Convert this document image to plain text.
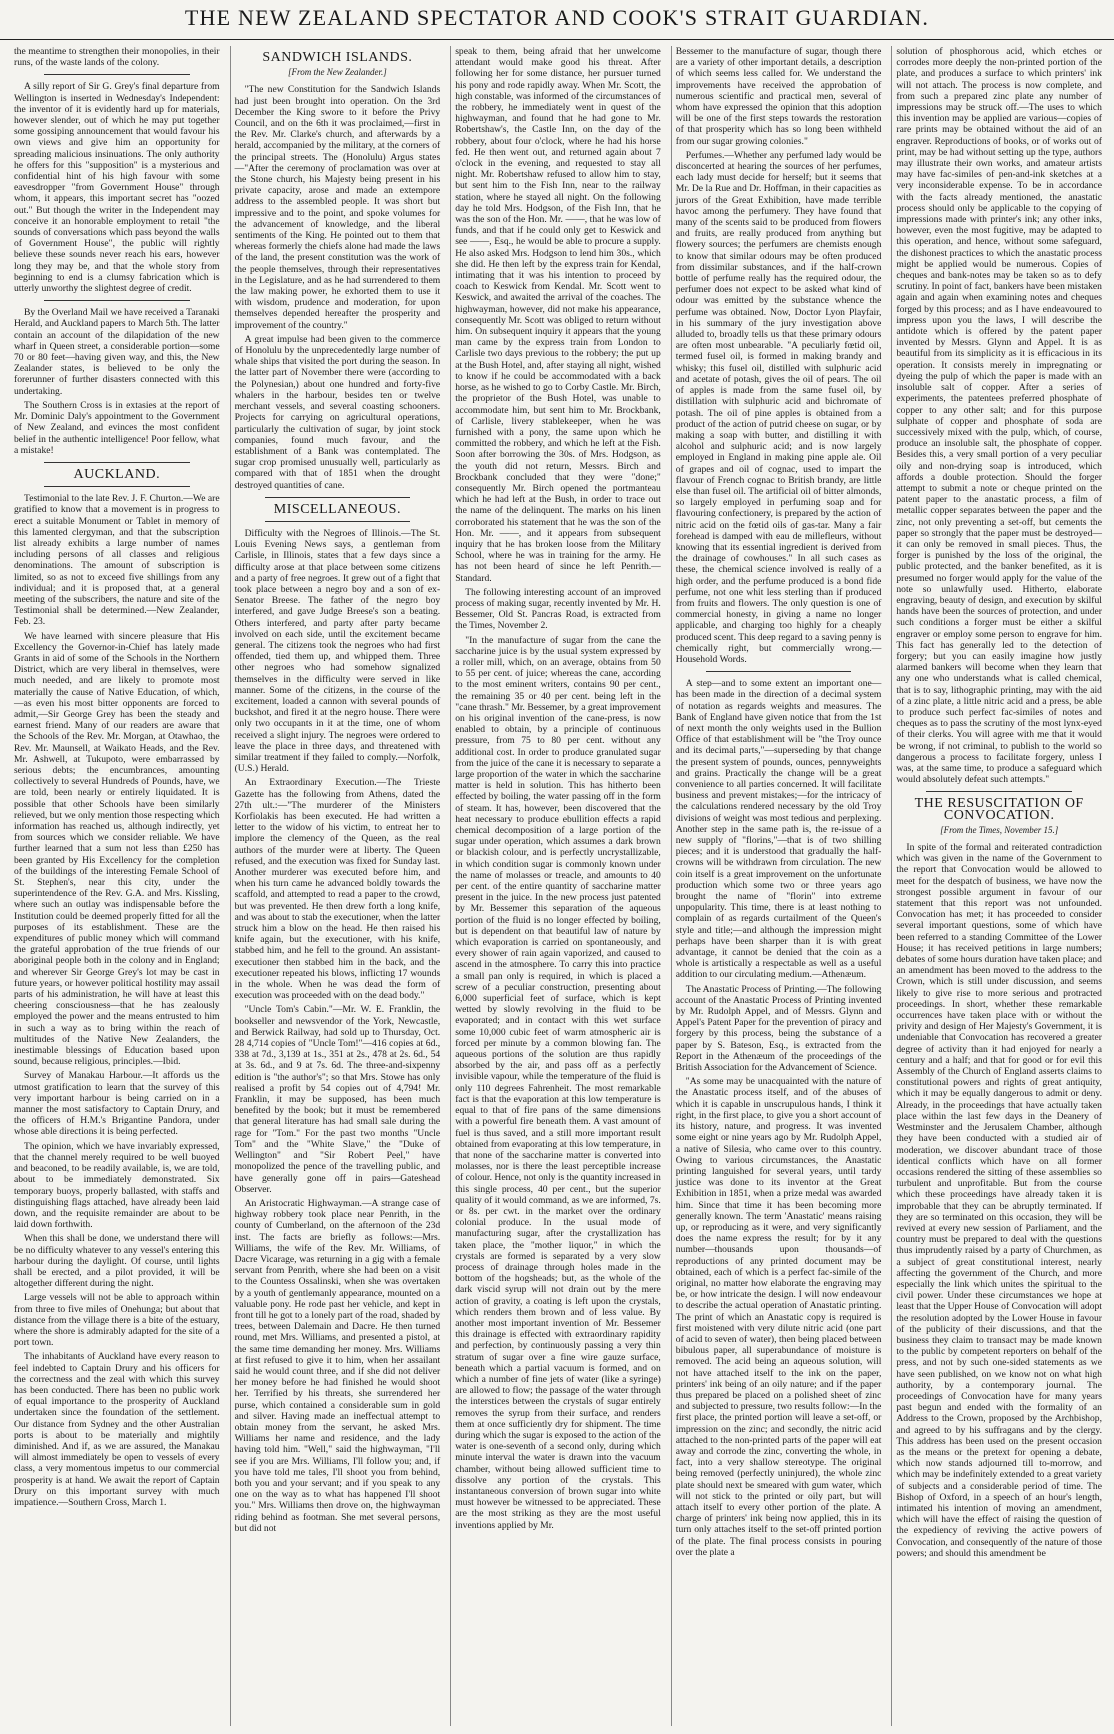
THE NEW ZEALAND SPECTATOR AND COOK'S STRAIT GUARDIAN.

the meantime to strengthen their monopolies, in their runs, of the waste lands of the colony.

A silly report of Sir G. Grey's final departure from Wellington is inserted in Wednesday's Independent: the inventor of it is evidently hard up for materials, however slender, out of which he may put together some gossiping announcement that would favour his own views and give him an opportunity for spreading malicious insinuations. The only authority he offers for this "supposition" is a mysterious and confidential hint of his high favour with some eavesdropper "from Government House" through whom, it appears, this important secret has "oozed out." But though the writer in the Independent may conceive it an honorable employment to retail "the sounds of conversations which pass beyond the walls of Government House", the public will rightly believe these sounds never reach his ears, however long they may be, and that the whole story from beginning to end is a clumsy fabrication which is utterly unworthy the slightest degree of credit.

By the Overland Mail we have received a Taranaki Herald, and Auckland papers to March 5th. The latter contain an account of the dilapidation of the new wharf in Queen street, a considerable portion—some 70 or 80 feet—having given way, and this, the New Zealander states, is believed to be only the forerunner of further disasters connected with this undertaking.

The Southern Cross is in extasies at the report of Mr. Dominic Daly's appointment to the Government of New Zealand, and evinces the most confident belief in the authentic intelligence! Poor fellow, what a mistake!

AUCKLAND.

Testimonial to the late Rev. J. F. Churton.—We are gratified to know that a movement is in progress to erect a suitable Monument or Tablet in memory of this lamented clergyman, and that the subscription list already exhibits a large number of names including persons of all classes and religious denominations. The amount of subscription is limited, so as not to exceed five shillings from any individual; and it is proposed that, at a general meeting of the subscribers, the nature and site of the Testimonial shall be determined.—New Zealander, Feb. 23.

We have learned with sincere pleasure that His Excellency the Governor-in-Chief has lately made Grants in aid of some of the Schools in the Northern District, which are very liberal in themselves, were much needed, and are likely to promote most materially the cause of Native Education, of which,—as even his most bitter opponents are forced to admit,—Sir George Grey has been the steady and earnest friend. Many of our readers are aware that the Schools of the Rev. Mr. Morgan, at Otawhao, the Rev. Mr. Maunsell, at Waikato Heads, and the Rev. Mr. Ashwell, at Tukupoto, were embarrassed by serious debts; the encumbrances, amounting collectively to several Hundreds of Pounds, have, we are told, been nearly or entirely liquidated. It is possible that other Schools have been similarly relieved, but we only mention those respecting which information has reached us, although indirectly, yet from sources which we consider reliable. We have further learned that a sum not less than £250 has been granted by His Excellency for the completion of the buildings of the interesting Female School of St. Stephen's, near this city, under the superintendence of the Rev. G.A. and Mrs. Kissling, where such an outlay was indispensable before the Institution could be deemed properly fitted for all the purposes of its establishment. These are the expenditures of public money which will command the grateful approbation of the true friends of our aboriginal people both in the colony and in England; and wherever Sir George Grey's lot may be cast in future years, or however political hostility may assail parts of his administration, he will have at least this cheering consciousness—that he has zealously employed the power and the means entrusted to him in such a way as to bring within the reach of multitudes of the Native New Zealanders, the inestimable blessings of Education based upon sound, because religious, principles.—Ibid.

Survey of Manakau Harbour.—It affords us the utmost gratification to learn that the survey of this very important harbour is being carried on in a manner the most satisfactory to Captain Drury, and the officers of H.M.'s Brigantine Pandora, under whose able directions it is being perfected.

The opinion, which we have invariably expressed, that the channel merely required to be well buoyed and beaconed, to be readily available, is, we are told, about to be immediately demonstrated. Six temporary buoys, properly ballasted, with staffs and distinguishing flags attached, have already been laid down, and the requisite remainder are about to be laid down forthwith.

When this shall be done, we understand there will be no difficulty whatever to any vessel's entering this harbour during the daylight. Of course, until lights shall be erected, and a pilot provided, it will be altogether different during the night.

Large vessels will not be able to approach within from three to five miles of Onehunga; but about that distance from the village there is a bite of the estuary, where the shore is admirably adapted for the site of a port town.

The inhabitants of Auckland have every reason to feel indebted to Captain Drury and his officers for the correctness and the zeal with which this survey has been conducted. There has been no public work of equal importance to the prosperity of Auckland undertaken since the foundation of the settlement. Our distance from Sydney and the other Australian ports is about to be materially and mightily diminished. And if, as we are assured, the Manakau will almost immediately be open to vessels of every class, a very momentous impetus to our commercial prosperity is at hand. We await the report of Captain Drury on this important survey with much impatience.—Southern Cross, March 1.

SANDWICH ISLANDS.
[From the New Zealander.]

"The new Constitution for the Sandwich Islands had just been brought into operation. On the 3rd December the King swore to it before the Privy Council, and on the 6th it was proclaimed,—first in the Rev. Mr. Clarke's church, and afterwards by a herald, accompanied by the military, at the corners of the principal streets. The (Honolulu) Argus states—"After the ceremony of proclamation was over at the Stone church, his Majesty being present in his private capacity, arose and made an extempore address to the assembled people. It was short but impressive and to the point, and spoke volumes for the advancement of knowledge, and the liberal sentiments of the King. He pointed out to them that whereas formerly the chiefs alone had made the laws of the land, the present constitution was the work of the people themselves, through their representatives in the Legislature, and as he had surrendered to them the law making power, he exhorted them to use it with wisdom, prudence and moderation, for upon themselves depended hereafter the prosperity and improvement of the country."

A great impulse had been given to the commerce of Honolulu by the unprecedentedly large number of whale ships that visited the port during the season. In the latter part of November there were (according to the Polynesian,) about one hundred and forty-five whalers in the harbour, besides ten or twelve merchant vessels, and several coasting schooners. Projects for carrying on agricultural operations, particularly the cultivation of sugar, by joint stock companies, found much favour, and the establishment of a Bank was contemplated. The sugar crop promised unusually well, particularly as compared with that of 1851 when the drought destroyed quantities of cane.

MISCELLANEOUS.

Difficulty with the Negroes of Illinois.—The St. Louis Evening News says, a gentleman from Carlisle, in Illinois, states that a few days since a difficulty arose at that place between some citizens and a party of free negroes. It grew out of a fight that took place between a negro boy and a son of ex-Senator Breese. The father of the negro boy interfered, and gave Judge Breese's son a beating. Others interfered, and party after party became involved on each side, until the excitement became general. The citizens took the negroes who had first offended, tied them up, and whipped them. Three other negroes who had somehow signalized themselves in the difficulty were served in like manner. Some of the citizens, in the course of the excitement, loaded a cannon with several pounds of buckshot, and fired it at the negro house. There were only two occupants in it at the time, one of whom received a slight injury. The negroes were ordered to leave the place in three days, and threatened with similar treatment if they failed to comply.—Norfolk, (U.S.) Herald.

An Extraordinary Execution.—The Trieste Gazette has the following from Athens, dated the 27th ult.:—"The murderer of the Ministers Korfiolakis has been executed. He had written a letter to the widow of his victim, to entreat her to implore the clemency of the Queen, as the real authors of the murder were at liberty. The Queen refused, and the execution was fixed for Sunday last. Another murderer was executed before him, and when his turn came he advanced boldly towards the scaffold, and attempted to read a paper to the crowd, but was prevented. He then drew forth a long knife, and was about to stab the executioner, when the latter struck him a blow on the head. He then raised his knife again, but the executioner, with his knife, stabbed him, and he fell to the ground. An assistant-executioner then stabbed him in the back, and the executioner repeated his blows, inflicting 17 wounds in the whole. When he was dead the form of execution was proceeded with on the dead body."

"Uncle Tom's Cabin."—Mr. W. E. Franklin, the bookseller and newsvendor of the York, Newcastle, and Berwick Railway, had sold up to Thursday, Oct. 28 4,714 copies of "Uncle Tom!"—416 copies at 6d., 338 at 7d., 3,139 at 1s., 351 at 2s., 478 at 2s. 6d., 54 at 3s. 6d., and 9 at 7s. 6d. The three-and-sixpenny edition is "the author's"; so that Mrs. Stowe has only realised a profit by 54 copies out of 4,794! Mr. Franklin, it may be supposed, has been much benefited by the book; but it must be remembered that general literature has had small sale during the rage for "Tom." For the past two months "Uncle Tom" and the "White Slave," the "Duke of Wellington" and "Sir Robert Peel," have monopolized the pence of the travelling public, and have generally gone off in pairs—Gateshead Observer.

An Aristocratic Highwayman.—A strange case of highway robbery took place near Penrith, in the county of Cumberland, on the afternoon of the 23d inst. The facts are briefly as follows:—Mrs. Williams, the wife of the Rev. Mr. Williams, of Dacre Vicarage, was returning in a gig with a female servant from Penrith, where she had been on a visit to the Countess Ossalinski, when she was overtaken by a youth of gentlemanly appearance, mounted on a valuable pony. He rode past her vehicle, and kept in front till he got to a lonely part of the road, shaded by trees, between Dalemain and Dacre. He then turned round, met Mrs. Williams, and presented a pistol, at the same time demanding her money. Mrs. Williams at first refused to give it to him, when her assailant said he would count three, and if she did not deliver her money before he had finished he would shoot her. Terrified by his threats, she surrendered her purse, which contained a considerable sum in gold and silver. Having made an ineffectual attempt to obtain money from the servant, he asked Mrs. Williams her name and residence, and the lady having told him. "Well," said the highwayman, "I'll see if you are Mrs. Williams, I'll follow you; and, if you have told me tales, I'll shoot you from behind, both you and your servant; and if you speak to any one on the way as to what has happened I'll shoot you." Mrs. Williams then drove on, the highwayman riding behind as footman. She met several persons, but did not

speak to them, being afraid that her unwelcome attendant would make good his threat. After following her for some distance, her pursuer turned his pony and rode rapidly away. When Mr. Scott, the high constable, was informed of the circumstances of the robbery, he immediately went in quest of the highwayman, and found that he had gone to Mr. Robertshaw's, the Castle Inn, on the day of the robbery, about four o'clock, where he had his horse fed. He then went out, and returned again about 7 o'clock in the evening, and requested to stay all night. Mr. Robertshaw refused to allow him to stay, but sent him to the Fish Inn, near to the railway station, where he stayed all night. On the following day he told Mrs. Hodgson, of the Fish Inn, that he was the son of the Hon. Mr. ——, that he was low of funds, and that if he could only get to Keswick and see ——, Esq., he would be able to procure a supply. He also asked Mrs. Hodgson to lend him 30s., which she did. He then left by the express train for Kendal, intimating that it was his intention to proceed by coach to Keswick from Kendal. Mr. Scott went to Keswick, and awaited the arrival of the coaches. The highwayman, however, did not make his appearance, consequently Mr. Scott was obliged to return without him. On subsequent inquiry it appears that the young man came by the express train from London to Carlisle two days previous to the robbery; the put up at the Bush Hotel, and, after staying all night, wished to know if he could be accommodated with a back horse, as he wished to go to Corby Castle. Mr. Birch, the proprietor of the Bush Hotel, was unable to accommodate him, but sent him to Mr. Brockbank, of Carlisle, livery stablekeeper, when he was furnished with a pony, the same upon which he committed the robbery, and which he left at the Fish. Soon after borrowing the 30s. of Mrs. Hodgson, as the youth did not return, Messrs. Birch and Brockbank concluded that they were "done;" consequently Mr. Birch opened the portmanteau which he had left at the Bush, in order to trace out the name of the delinquent. The marks on his linen corroborated his statement that he was the son of the Hon. Mr. ——, and it appears from subsequent inquiry that he has broken loose from the Military School, where he was in training for the army. He has not been heard of since he left Penrith.—Standard.

The following interesting account of an improved process of making sugar, recently invented by Mr. H. Bessemer, Old St. Pancras Road, is extracted from the Times, November 2.

"In the manufacture of sugar from the cane the saccharine juice is by the usual system expressed by a roller mill, which, on an average, obtains from 50 to 55 per cent. of juice; whereas the cane, according to the most eminent writers, contains 90 per cent., the remaining 35 or 40 per cent. being left in the "cane thrash." Mr. Bessemer, by a great improvement on his original invention of the cane-press, is now enabled to obtain, by a principle of continuous pressure, from 75 to 80 per cent. without any additional cost. In order to produce granulated sugar from the juice of the cane it is necessary to separate a large proportion of the water in which the saccharine matter is held in solution. This has hitherto been effected by boiling, the water passing off in the form of steam. It has, however, been discovered that the heat necessary to produce ebullition effects a rapid chemical decomposition of a large portion of the sugar under operation, which assumes a dark brown or blackish colour, and is perfectly uncrystallizable, in which condition sugar is commonly known under the name of molasses or treacle, and amounts to 40 per cent. of the entire quantity of saccharine matter present in the juice. In the new process just patented by Mr. Bessemer this separation of the aqueous portion of the fluid is no longer effected by boiling, but is dependent on that beautiful law of nature by which evaporation is carried on spontaneously, and every shower of rain again vaporized, and caused to ascend in the atmosphere. To carry this into practice a small pan only is required, in which is placed a screw of a peculiar construction, presenting about 6,000 superficial feet of surface, which is kept wetted by slowly revolving in the fluid to be evaporated; and in contact with this wet surface some 10,000 cubic feet of warm atmospheric air is forced per minute by a common blowing fan. The aqueous portions of the solution are thus rapidly absorbed by the air, and pass off as a perfectly invisible vapour, while the temperature of the fluid is only 110 degrees Fahrenheit. The most remarkable fact is that the evaporation at this low temperature is equal to that of fire pans of the same dimensions with a powerful fire beneath them. A vast amount of fuel is thus saved, and a still more important result obtained from evaporating at this low temperature, in that none of the saccharine matter is converted into molasses, nor is there the least perceptible increase of colour. Hence, not only is the quantity increased in this single process, 40 per cent., but the superior quality of it would command, as we are informed, 7s. or 8s. per cwt. in the market over the ordinary colonial produce. In the usual mode of manufacturing sugar, after the crystallization has taken place, the "mother liquor," in which the crystals are formed is separated by a very slow process of drainage through holes made in the bottom of the hogsheads; but, as the whole of the dark viscid syrup will not drain out by the mere action of gravity, a coating is left upon the crystals, which renders them brown and of less value. By another most important invention of Mr. Bessemer this drainage is effected with extraordinary rapidity and perfection, by continuously passing a very thin stratum of sugar over a fine wire gauze surface, beneath which a partial vacuum is formed, and on which a number of fine jets of water (like a syringe) are allowed to flow; the passage of the water through the interstices between the crystals of sugar entirely removes the syrup from their surface, and renders them at once sufficiently dry for shipment. The time during which the sugar is exposed to the action of the water is one-seventh of a second only, during which minute interval the water is drawn into the vacuum chamber, without being allowed sufficient time to dissolve any portion of the crystals. This instantaneous conversion of brown sugar into white must however be witnessed to be appreciated. These are the most striking as they are the most useful inventions applied by Mr.

Bessemer to the manufacture of sugar, though there are a variety of other important details, a description of which seems less called for. We understand the improvements have received the approbation of numerous scientific and practical men, several of whom have expressed the opinion that this adoption will be one of the first steps towards the restoration of that prosperity which has so long been withheld from our sugar growing colonies."

Perfumes.—Whether any perfumed lady would be disconcerted at hearing the sources of her perfumes, each lady must decide for herself; but it seems that Mr. De la Rue and Dr. Hoffman, in their capacities as jurors of the Great Exhibition, have made terrible havoc among the perfumery. They have found that many of the scents said to be produced from flowers and fruits, are really produced from anything but flowery sources; the perfumers are chemists enough to know that similar odours may be often produced from dissimilar substances, and if the half-crown bottle of perfume really has the required odour, the perfumer does not expect to be asked what kind of odour was emitted by the substance whence the perfume was obtained. Now, Doctor Lyon Playfair, in his summary of the jury investigation above alluded to, broadly tells us that these primary odours are often most unbearable. "A peculiarly fœtid oil, termed fusel oil, is formed in making brandy and whisky; this fusel oil, distilled with sulphuric acid and acetate of potash, gives the oil of pears. The oil of apples is made from the same fusel oil, by distillation with sulphuric acid and bichromate of potash. The oil of pine apples is obtained from a product of the action of putrid cheese on sugar, or by making a soap with butter, and distilling it with alcohol and sulphuric acid; and is now largely employed in England in making pine apple ale. Oil of grapes and oil of cognac, used to impart the flavour of French cognac to British brandy, are little else than fusel oil. The artificial oil of bitter almonds, so largely employed in perfuming soap and for flavouring confectionery, is prepared by the action of nitric acid on the fœtid oils of gas-tar. Many a fair forehead is damped with eau de millefleurs, without knowing that its essential ingredient is derived from the drainage of cowhouses." In all such cases as these, the chemical science involved is really of a high order, and the perfume produced is a bond fide perfume, not one whit less sterling than if produced from fruits and flowers. The only question is one of commercial honesty, in giving a name no longer applicable, and charging too highly for a cheaply produced scent. This deep regard to a saving penny is chemically right, but commercially wrong.—Household Words.

A step—and to some extent an important one—has been made in the direction of a decimal system of notation as regards weights and measures. The Bank of England have given notice that from the 1st of next month the only weights used in the Bullion Office of that establishment will be "the Troy ounce and its decimal parts,"—superseding by that change the present system of pounds, ounces, pennyweights and grains. Practically the change will be a great convenience to all parties concerned. It will facilitate business and prevent mistakes;—for the intricacy of the calculations rendered necessary by the old Troy divisions of weight was most tedious and perplexing. Another step in the same path is, the re-issue of a new supply of "florins,"—that is of two shilling pieces; and it is understood that gradually the half-crowns will be withdrawn from circulation. The new coin itself is a great improvement on the unfortunate production which some two or three years ago brought the name of "florin" into extreme unpopularity. This time, there is at least nothing to complain of as regards curtailment of the Queen's style and title;—and although the impression might perhaps have been sharper than it is with great advantage, it cannot be denied that the coin as a whole is artistically a respectable as well as a useful addition to our circulating medium.—Athenæum.

The Anastatic Process of Printing.—The following account of the Anastatic Process of Printing invented by Mr. Rudolph Appel, and of Messrs. Glynn and Appel's Patent Paper for the prevention of piracy and forgery by this process, being the substance of a paper by S. Bateson, Esq., is extracted from the Report in the Athenæum of the proceedings of the British Association for the Advancement of Science.

"As some may be unacquainted with the nature of the Anastatic process itself, and of the abuses of which it is capable in unscrupulous hands, I think it right, in the first place, to give you a short account of its history, nature, and progress. It was invented some eight or nine years ago by Mr. Rudolph Appel, a native of Silesia, who came over to this country. Owing to various circumstances, the Anastatic printing languished for several years, until tardy justice was done to its inventor at the Great Exhibition in 1851, when a prize medal was awarded him. Since that time it has been becoming more generally known. The term 'Anastatic' means raising up, or reproducing as it were, and very significantly does the name express the result; for by it any number—thousands upon thousands—of reproductions of any printed document may be obtained, each of which is a perfect fac-simile of the original, no matter how elaborate the engraving may be, or how intricate the design. I will now endeavour to describe the actual operation of Anastatic printing. The print of which an Anastatic copy is required is first moistened with very dilute nitric acid (one part of acid to seven of water), then being placed between bibulous paper, all superabundance of moisture is removed. The acid being an aqueous solution, will not have attached itself to the ink on the paper, printers' ink being of an oily nature; and if the paper thus prepared be placed on a polished sheet of zinc and subjected to pressure, two results follow:—In the first place, the printed portion will leave a set-off, or impression on the zinc; and secondly, the nitric acid attached to the non-printed parts of the paper will eat away and corrode the zinc, converting the whole, in fact, into a very shallow stereotype. The original being removed (perfectly uninjured), the whole zinc plate should next be smeared with gum water, which will not stick to the printed or oily part, but will attach itself to every other portion of the plate. A charge of printers' ink being now applied, this in its turn only attaches itself to the set-off printed portion of the plate. The final process consists in pouring over the plate a

solution of phosphorous acid, which etches or corrodes more deeply the non-printed portion of the plate, and produces a surface to which printers' ink will not attach. The process is now complete, and from such a prepared zinc plate any number of impressions may be struck off.—The uses to which this invention may be applied are various—copies of rare prints may be obtained without the aid of an engraver. Reproductions of books, or of works out of print, may be had without setting up the type, authors may illustrate their own works, and amateur artists may have fac-similes of pen-and-ink sketches at a very inconsiderable expense. To be in accordance with the facts already mentioned, the anastatic process should only be applicable to the copying of impressions made with printer's ink; any other inks, however, even the most fugitive, may be adapted to this operation, and hence, without some safeguard, the dishonest practices to which the anastatic process might be applied would be numerous. Copies of cheques and bank-notes may be taken so as to defy scrutiny. In point of fact, bankers have been mistaken again and again when examining notes and cheques forged by this process; and as I have endeavoured to impress upon you the laws, I will describe the antidote which is offered by the patent paper invented by Messrs. Glynn and Appel. It is as beautiful from its simplicity as it is efficacious in its operation. It consists merely in impregnating or dyeing the pulp of which the paper is made with an insoluble salt of copper. After a series of experiments, the patentees preferred phosphate of copper to any other salt; and for this purpose sulphate of copper and phosphate of soda are successively mixed with the pulp, which, of course, produce an insoluble salt, the phosphate of copper. Besides this, a very small portion of a very peculiar oily and non-drying soap is introduced, which affords a double protection. Should the forger attempt to submit a note or cheque printed on the patent paper to the anastatic process, a film of metallic copper separates between the paper and the zinc, not only preventing a set-off, but cements the paper so strongly that the paper must be destroyed—it can only be removed in small pieces. Thus, the forger is punished by the loss of the original, the public protected, and the banker benefited, as it is presumed no forger would apply for the value of the note so unlawfully used. Hitherto, elaborate engraving, beauty of design, and execution by skilful hands have been the sources of protection, and under such conditions a forger must be either a skilful engraver or employ some person to engrave for him. This fact has generally led to the detection of forgery; but you can easily imagine how justly alarmed bankers will become when they learn that any one who understands what is called chemical, that is to say, lithographic printing, may with the aid of a zinc plate, a little nitric acid and a press, be able to produce such perfect fac-similes of notes and cheques as to pass the scrutiny of the most lynx-eyed of their clerks. You will agree with me that it would be wrong, if not criminal, to publish to the world so dangerous a process to facilitate forgery, unless I was, at the same time, to produce a safeguard which would absolutely defeat such attempts."

THE RESUSCITATION OF CONVOCATION.
[From the Times, November 15.]

In spite of the formal and reiterated contradiction which was given in the name of the Government to the report that Convocation would be allowed to meet for the despatch of business, we have now the strongest possible argument in favour of our statement that this report was not unfounded. Convocation has met; it has proceeded to consider several important questions, some of which have been referred to a standing Committee of the Lower House; it has received petitions in large numbers; debates of some hours duration have taken place; and an amendment has been moved to the address to the Crown, which is still under discussion, and seems likely to give rise to more serious and protracted proceedings. In short, whether these remarkable occurrences have taken place with or without the privity and design of Her Majesty's Government, it is undeniable that Convocation has recovered a greater degree of activity than it had enjoyed for nearly a century and a half; and that for good or for evil this Assembly of the Church of England asserts claims to constitutional powers and rights of great antiquity, which it may be equally dangerous to admit or deny. Already, in the proceedings that have actually taken place within the last few days in the Deanery of Westminster and the Jerusalem Chamber, although they have been conducted with a studied air of moderation, we discover abundant trace of those identical conflicts which have on all former occasions rendered the sitting of these assemblies so turbulent and unprofitable. But from the course which these proceedings have already taken it is improbable that they can be abruptly terminated. If they are so terminated on this occasion, they will be revived at every new session of Parliament, and the country must be prepared to deal with the questions thus imprudently raised by a party of Churchmen, as a subject of great constitutional interest, nearly affecting the government of the Church, and more especially the link which unites the spiritual to the civil power. Under these circumstances we hope at least that the Upper House of Convocation will adopt the resolution adopted by the Lower House in favour of the publicity of their discussions, and that the business they claim to transact may be made known to the public by competent reporters on behalf of the press, and not by such one-sided statements as we have seen published, on we know not on what high authority, by a contemporary journal. The proceedings of Convocation have for many years past begun and ended with the formality of an Address to the Crown, proposed by the Archbishop, and agreed to by his suffragans and by the clergy. This address has been used on the present occasion as the means or the pretext for opening a debate, which now stands adjourned till to-morrow, and which may be indefinitely extended to a great variety of subjects and a considerable period of time. The Bishop of Oxford, in a speech of an hour's length, intimated his intention of moving an amendment, which will have the effect of raising the question of the expediency of reviving the active powers of Convocation, and consequently of the nature of those powers; and should this amendment be
